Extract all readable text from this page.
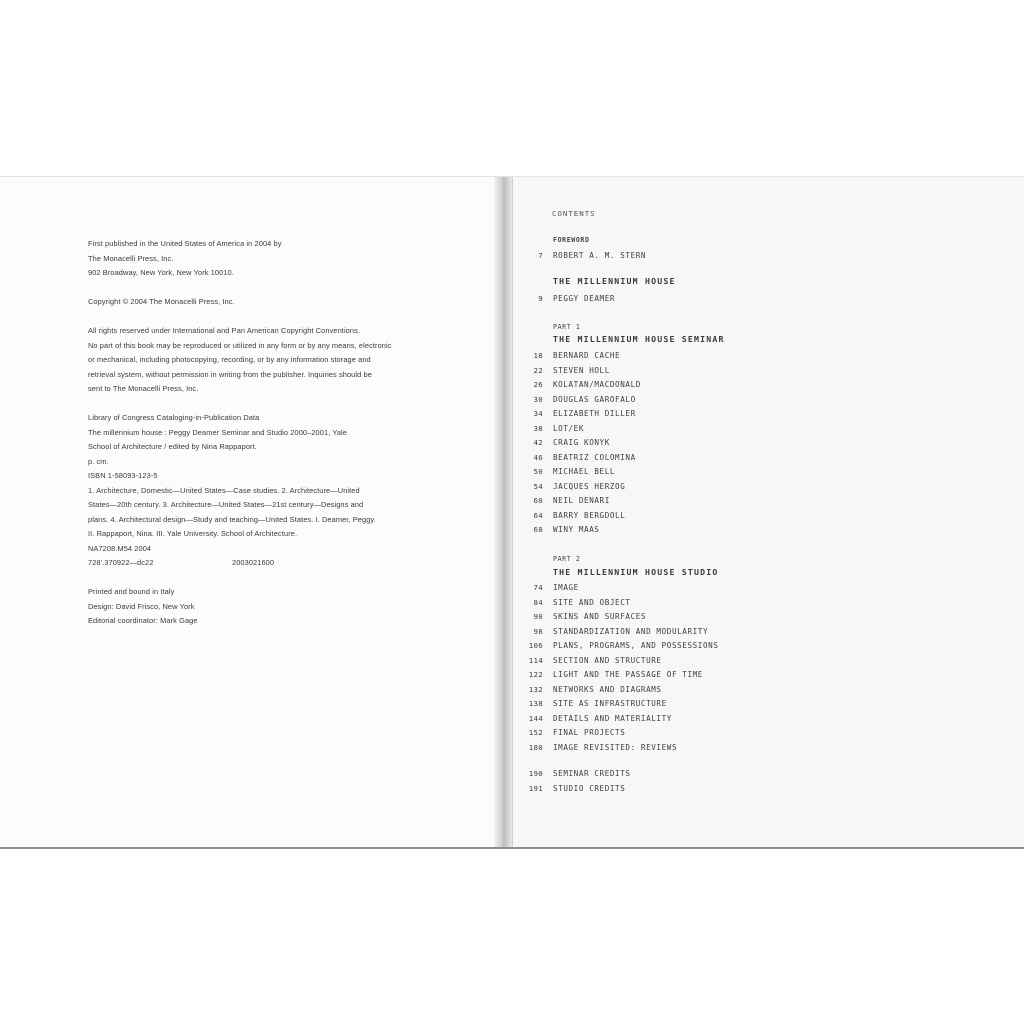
First published in the United States of America in 2004 by
The Monacelli Press, Inc.
902 Broadway, New York, New York 10010.
Copyright © 2004 The Monacelli Press, Inc.
All rights reserved under International and Pan American Copyright Conventions.
No part of this book may be reproduced or utilized in any form or by any means, electronic
or mechanical, including photocopying, recording, or by any information storage and
retrieval system, without permission in writing from the publisher. Inquiries should be
sent to The Monacelli Press, Inc.
Library of Congress Cataloging-in-Publication Data
The millennium house : Peggy Deamer Seminar and Studio 2000–2001, Yale
School of Architecture / edited by Nina Rappaport.
p. cm.
ISBN 1-58093-123-5
1. Architecture, Domestic—United States—Case studies. 2. Architecture—United
States—20th century. 3. Architecture—United States—21st century—Designs and
plans. 4. Architectural design—Study and teaching—United States. I. Deamer, Peggy.
II. Rappaport, Nina. III. Yale University. School of Architecture.
NA7208.M54 2004
728'.370922—dc22	2003021600
Printed and bound in Italy
Design: David Frisco, New York
Editorial coordinator: Mark Gage
CONTENTS
FOREWORD
7 ROBERT A. M. STERN
THE MILLENNIUM HOUSE
9 PEGGY DEAMER
PART 1
THE MILLENNIUM HOUSE SEMINAR
18 BERNARD CACHE
22 STEVEN HOLL
26 KOLATAN/MACDONALD
30 DOUGLAS GAROFALO
34 ELIZABETH DILLER
38 LOT/EK
42 CRAIG KONYK
46 BEATRIZ COLOMINA
50 MICHAEL BELL
54 JACQUES HERZOG
60 NEIL DENARI
64 BARRY BERGDOLL
68 WINY MAAS
PART 2
THE MILLENNIUM HOUSE STUDIO
74 IMAGE
84 SITE AND OBJECT
90 SKINS AND SURFACES
98 STANDARDIZATION AND MODULARITY
106 PLANS, PROGRAMS, AND POSSESSIONS
114 SECTION AND STRUCTURE
122 LIGHT AND THE PASSAGE OF TIME
132 NETWORKS AND DIAGRAMS
138 SITE AS INFRASTRUCTURE
144 DETAILS AND MATERIALITY
152 FINAL PROJECTS
180 IMAGE REVISITED: REVIEWS
190 SEMINAR CREDITS
191 STUDIO CREDITS
